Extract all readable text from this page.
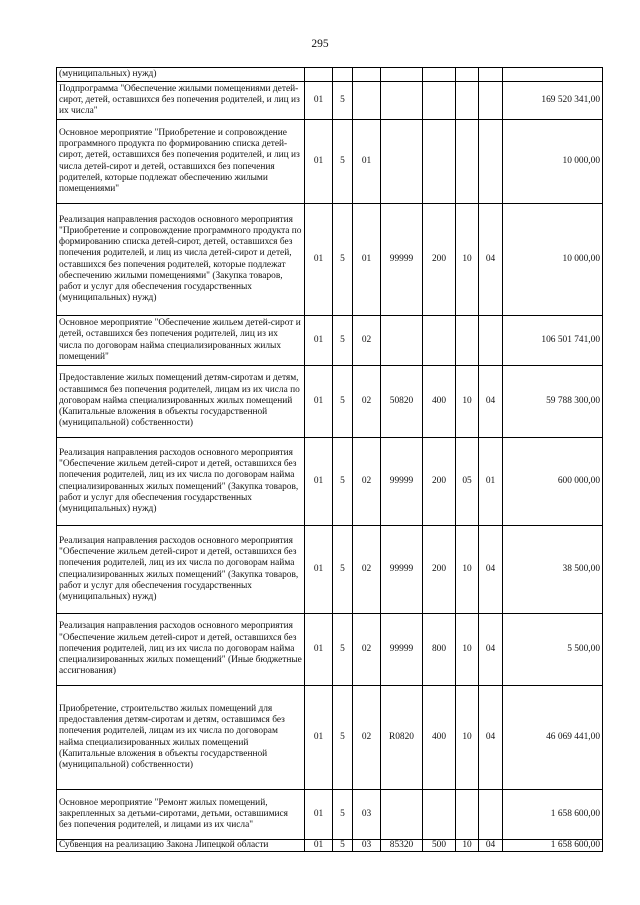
295
(муниципальных) нужд)								
Подпрограмма "Обеспечение жилыми помещениями детей-сирот, детей, оставшихся без попечения родителей, и лиц из их числа"	01	5						169 520 341,00
Основное мероприятие "Приобретение и сопровождение программного продукта по формированию списка детей-сирот, детей, оставшихся без попечения родителей, и лиц из числа детей-сирот и детей, оставшихся без попечения родителей, которые подлежат обеспечению жилыми помещениями"	01	5	01					10 000,00
Реализация направления расходов основного мероприятия "Приобретение и сопровождение программного продукта по формированию списка детей-сирот, детей, оставшихся без попечения родителей, и лиц из числа детей-сирот и детей, оставшихся без попечения родителей, которые подлежат обеспечению жилыми помещениями" (Закупка товаров, работ и услуг для обеспечения государственных (муниципальных) нужд)	01	5	01	99999	200	10	04	10 000,00
Основное мероприятие "Обеспечение жильем детей-сирот и детей, оставшихся без попечения родителей, лиц из их числа по договорам найма специализированных жилых помещений"	01	5	02					106 501 741,00
Предоставление жилых помещений детям-сиротам и детям, оставшимся без попечения родителей, лицам из их числа по договорам найма специализированных жилых помещений (Капитальные вложения в объекты государственной (муниципальной) собственности)	01	5	02	50820	400	10	04	59 788 300,00
Реализация направления расходов основного мероприятия "Обеспечение жильем детей-сирот и детей, оставшихся без попечения родителей, лиц из их числа по договорам найма специализированных жилых помещений" (Закупка товаров, работ и услуг для обеспечения государственных (муниципальных) нужд)	01	5	02	99999	200	05	01	600 000,00
Реализация направления расходов основного мероприятия "Обеспечение жильем детей-сирот и детей, оставшихся без попечения родителей, лиц из их числа по договорам найма специализированных жилых помещений" (Закупка товаров, работ и услуг для обеспечения государственных (муниципальных) нужд)	01	5	02	99999	200	10	04	38 500,00
Реализация направления расходов основного мероприятия "Обеспечение жильем детей-сирот и детей, оставшихся без попечения родителей, лиц из их числа по договорам найма специализированных жилых помещений" (Иные бюджетные ассигнования)	01	5	02	99999	800	10	04	5 500,00
Приобретение, строительство жилых помещений для предоставления детям-сиротам и детям, оставшимся без попечения родителей, лицам из их числа по договорам найма специализированных жилых помещений (Капитальные вложения в объекты государственной (муниципальной) собственности)	01	5	02	R0820	400	10	04	46 069 441,00
Основное мероприятие "Ремонт жилых помещений, закрепленных за детьми-сиротами, детьми, оставшимися без попечения родителей, и лицами из их числа"	01	5	03					1 658 600,00
Субвенция на реализацию Закона Липецкой области	01	5	03	85320	500	10	04	1 658 600,00
